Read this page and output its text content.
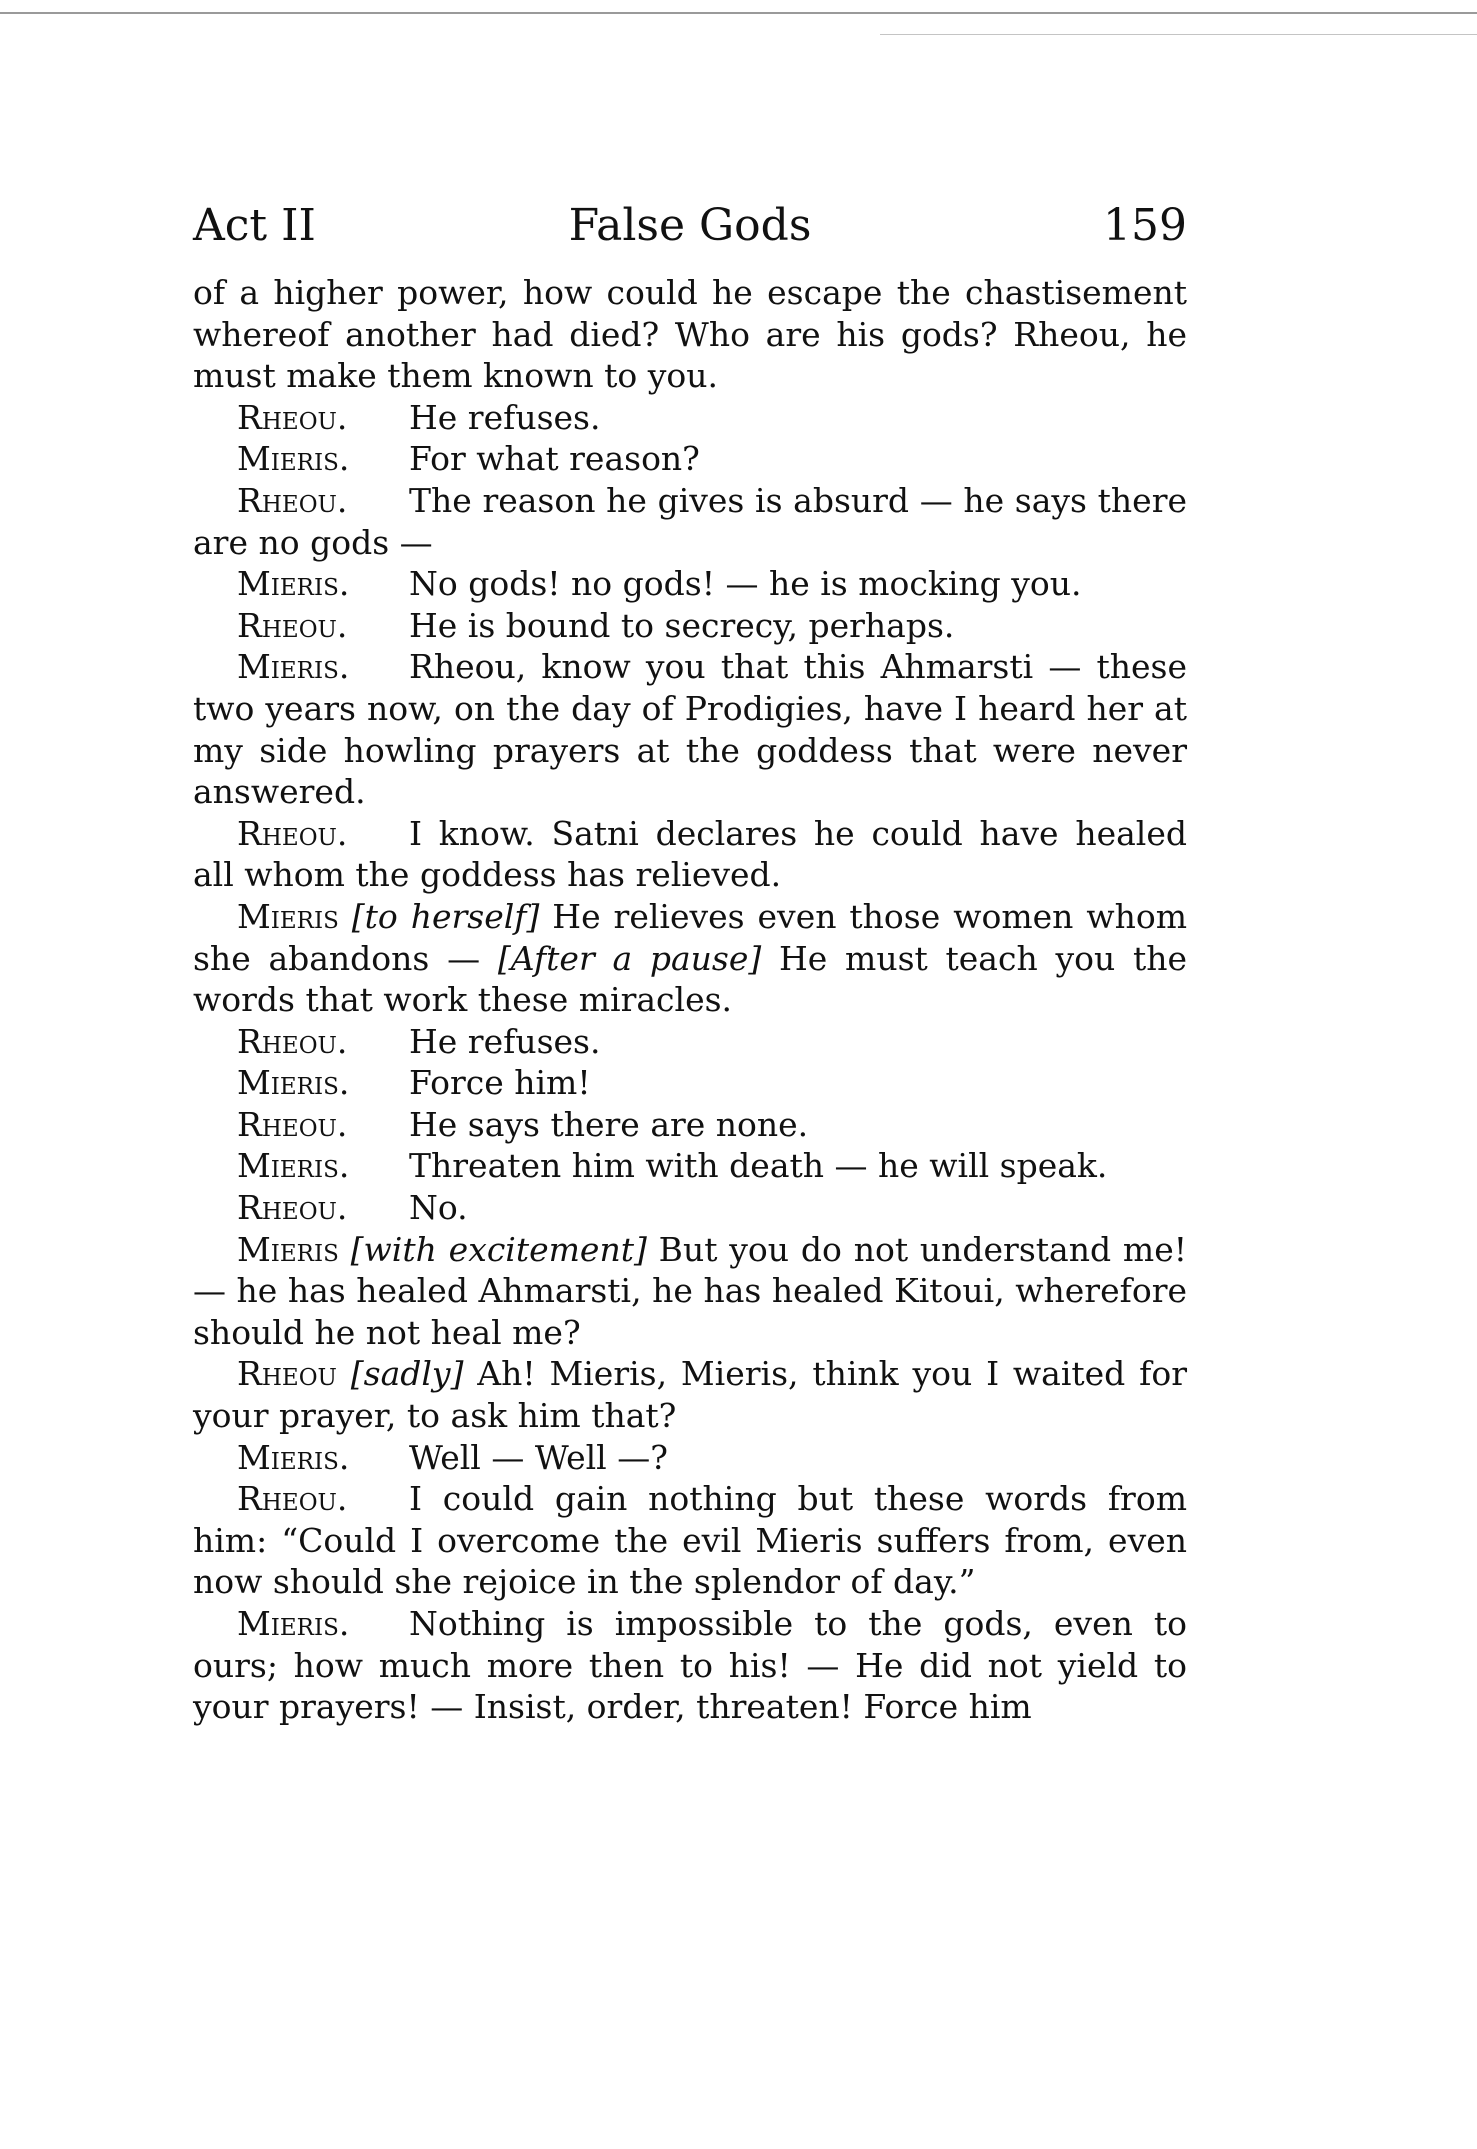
Act II	False Gods	159

of a higher power, how could he escape the chastisement whereof another had died? Who are his gods? Rheou, he must make them known to you.

Rheou. He refuses.

Mieris. For what reason?

Rheou. The reason he gives is absurd — he says there are no gods —

Mieris. No gods! no gods! — he is mocking you.

Rheou. He is bound to secrecy, perhaps.

Mieris. Rheou, know you that this Ahmarsti — these two years now, on the day of Prodigies, have I heard her at my side howling prayers at the goddess that were never answered.

Rheou. I know. Satni declares he could have healed all whom the goddess has relieved.

Mieris [to herself] He relieves even those women whom she abandons — [After a pause] He must teach you the words that work these miracles.

Rheou. He refuses.

Mieris. Force him!

Rheou. He says there are none.

Mieris. Threaten him with death — he will speak.

Rheou. No.

Mieris [with excitement] But you do not understand me! — he has healed Ahmarsti, he has healed Kitoui, wherefore should he not heal me?

Rheou [sadly] Ah! Mieris, Mieris, think you I waited for your prayer, to ask him that?

Mieris. Well — Well —?

Rheou. I could gain nothing but these words from him: “Could I overcome the evil Mieris suffers from, even now should she rejoice in the splendor of day.”

Mieris. Nothing is impossible to the gods, even to ours; how much more then to his! — He did not yield to your prayers! — Insist, order, threaten! Force him
